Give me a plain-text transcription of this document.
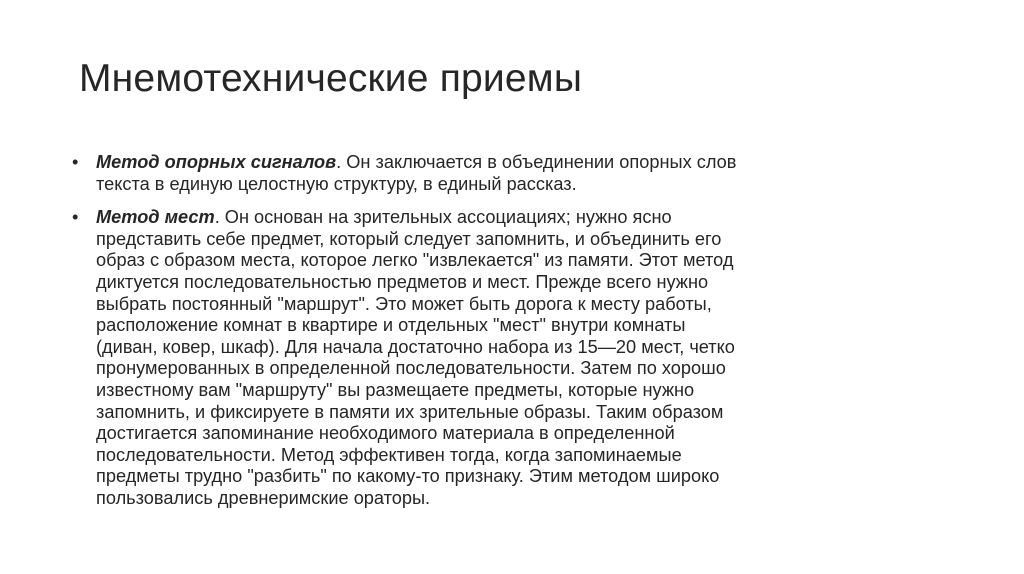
Мнемотехнические приемы
• Метод опорных сигналов. Он заключается в объединении опорных слов
текста в единую целостную структуру, в единый рассказ.
• Метод мест. Он основан на зрительных ассоциациях; нужно ясно
представить себе предмет, который следует запомнить, и объединить его
образ с образом места, которое легко "извлекается" из памяти. Этот метод
диктуется последовательностью предметов и мест. Прежде всего нужно
выбрать постоянный "маршрут". Это может быть дорога к месту работы,
расположение комнат в квартире и отдельных "мест" внутри комнаты
(диван, ковер, шкаф). Для начала достаточно набора из 15—20 мест, четко
пронумерованных в определенной последовательности. Затем по хорошо
известному вам "маршруту" вы размещаете предметы, которые нужно
запомнить, и фиксируете в памяти их зрительные образы. Таким образом
достигается запоминание необходимого материала в определенной
последовательности. Метод эффективен тогда, когда запоминаемые
предметы трудно "разбить" по какому-то признаку. Этим методом широко
пользовались древнеримские ораторы.
